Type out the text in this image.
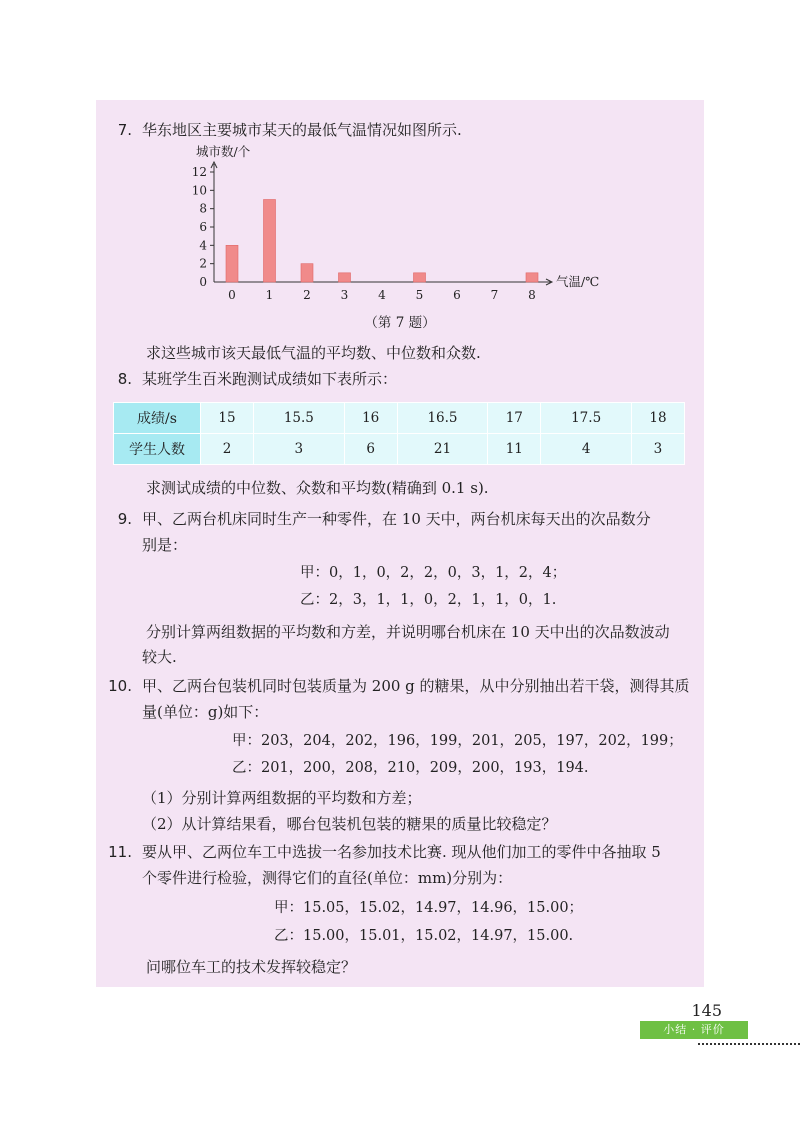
7. 华东地区主要城市某天的最低气温情况如图所示.
城市数/个
气温/℃
0
2
4
6
8
10
12
0 1 2 3 4 5 6 7 8
（第 7 题）
求这些城市该天最低气温的平均数、中位数和众数.
8. 某班学生百米跑测试成绩如下表所示：
成绩/s	15	15.5	16	16.5	17	17.5	18
学生人数	2	3	6	21	11	4	3
求测试成绩的中位数、众数和平均数(精确到 0.1 s).
9. 甲、乙两台机床同时生产一种零件，在 10 天中，两台机床每天出的次品数分
别是：
甲：0，1，0，2，2，0，3，1，2，4；
乙：2，3，1，1，0，2，1，1，0，1.
分别计算两组数据的平均数和方差，并说明哪台机床在 10 天中出的次品数波动
较大.
10. 甲、乙两台包装机同时包装质量为 200 g 的糖果，从中分别抽出若干袋，测得其质
量(单位：g)如下：
甲：203，204，202，196，199，201，205，197，202，199；
乙：201，200，208，210，209，200，193，194.
（1）分别计算两组数据的平均数和方差；
（2）从计算结果看，哪台包装机包装的糖果的质量比较稳定？
11. 要从甲、乙两位车工中选拔一名参加技术比赛. 现从他们加工的零件中各抽取 5
个零件进行检验，测得它们的直径(单位：mm)分别为：
甲：15.05，15.02，14.97，14.96，15.00；
乙：15.00，15.01，15.02，14.97，15.00.
问哪位车工的技术发挥较稳定？
145
小结 · 评价
